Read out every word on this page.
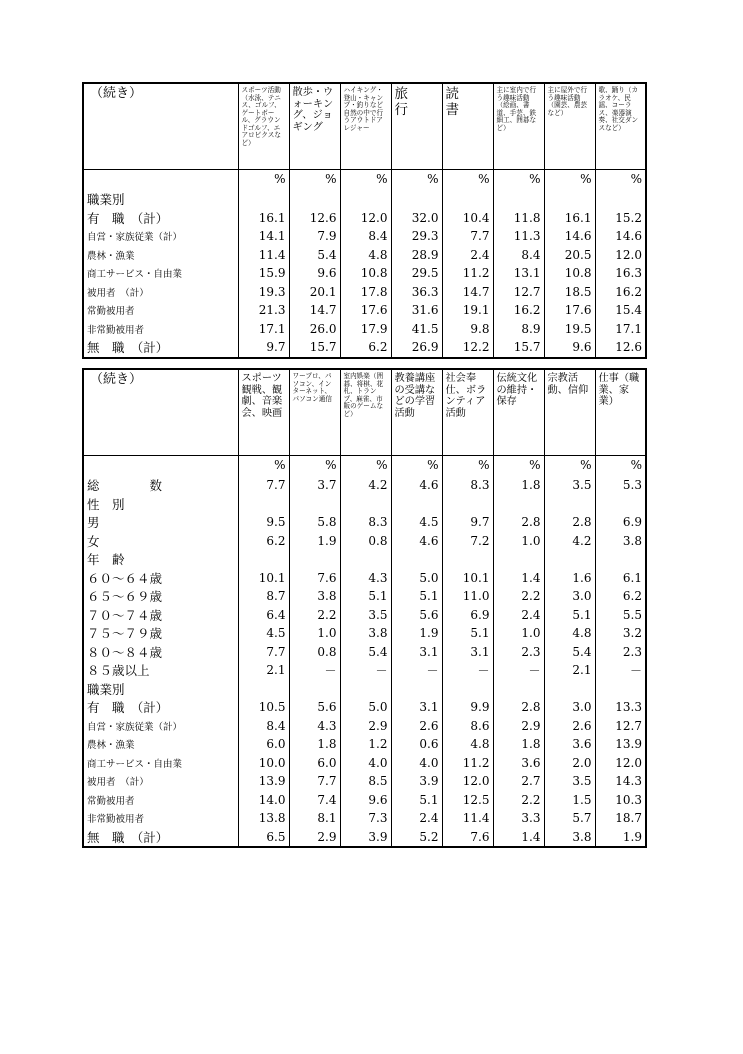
（続き）	スポーツ活動（水泳、テニス、ゴルフ、ゲートボール、グラウンドゴルフ、エアロビクスなど）	散歩・ウォーキング、ジョギング	ハイキング・登山・キャンプ・釣りなど自然の中で行うアウトドアレジャー	旅　行	読　書	主に室内で行う趣味活動（絵画、書道、手芸、鉄細工、囲碁など）	主に屋外で行う趣味活動（園芸、農芸など）	歌、踊り（カラオケ、民謡、コーラス、楽器演奏、社交ダンスなど）
	%	%	%	%	%	%	%	%
職業別								
有　職　（計）	16.1	12.6	12.0	32.0	10.4	11.8	16.1	15.2
自営・家族従業（計）	14.1	7.9	8.4	29.3	7.7	11.3	14.6	14.6
農林・漁業	11.4	5.4	4.8	28.9	2.4	8.4	20.5	12.0
商工サービス・自由業	15.9	9.6	10.8	29.5	11.2	13.1	10.8	16.3
被用者　（計）	19.3	20.1	17.8	36.3	14.7	12.7	18.5	16.2
常勤被用者	21.3	14.7	17.6	31.6	19.1	16.2	17.6	15.4
非常勤被用者	17.1	26.0	17.9	41.5	9.8	8.9	19.5	17.1
無　職　（計）	9.7	15.7	6.2	26.9	12.2	15.7	9.6	12.6
（続き）	スポーツ観戦、観劇、音楽会、映画	ワープロ、パソコン、インターネット、パソコン通信	室内娯楽（囲碁、将棋、花札、トランプ、麻雀、市販のゲームなど）	教養講座の受講などの学習活動	社会奉仕、ボランティア活動	伝統文化の維持・保存	宗教活動、信仰	仕事（職業、家業）
	%	%	%	%	%	%	%	%
総　　　　数	7.7	3.7	4.2	4.6	8.3	1.8	3.5	5.3
性　別								
男	9.5	5.8	8.3	4.5	9.7	2.8	2.8	6.9
女	6.2	1.9	0.8	4.6	7.2	1.0	4.2	3.8
年　齢								
６０～６４歳	10.1	7.6	4.3	5.0	10.1	1.4	1.6	6.1
６５～６９歳	8.7	3.8	5.1	5.1	11.0	2.2	3.0	6.2
７０～７４歳	6.4	2.2	3.5	5.6	6.9	2.4	5.1	5.5
７５～７９歳	4.5	1.0	3.8	1.9	5.1	1.0	4.8	3.2
８０～８４歳	7.7	0.8	5.4	3.1	3.1	2.3	5.4	2.3
８５歳以上	2.1	－	－	－	－	－	2.1	－
職業別								
有　職　（計）	10.5	5.6	5.0	3.1	9.9	2.8	3.0	13.3
自営・家族従業（計）	8.4	4.3	2.9	2.6	8.6	2.9	2.6	12.7
農林・漁業	6.0	1.8	1.2	0.6	4.8	1.8	3.6	13.9
商工サービス・自由業	10.0	6.0	4.0	4.0	11.2	3.6	2.0	12.0
被用者　（計）	13.9	7.7	8.5	3.9	12.0	2.7	3.5	14.3
常勤被用者	14.0	7.4	9.6	5.1	12.5	2.2	1.5	10.3
非常勤被用者	13.8	8.1	7.3	2.4	11.4	3.3	5.7	18.7
無　職　（計）	6.5	2.9	3.9	5.2	7.6	1.4	3.8	1.9
